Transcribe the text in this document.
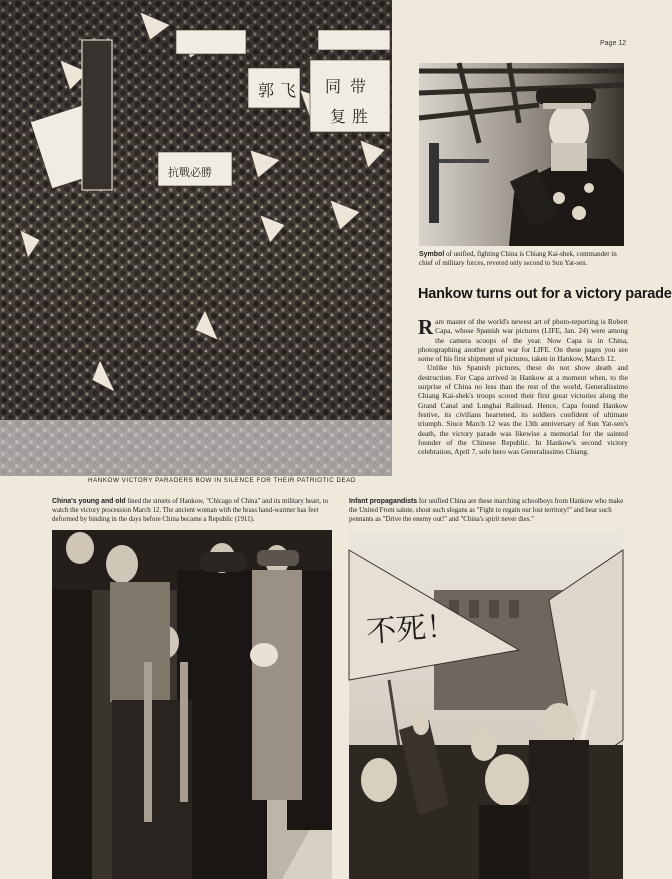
Page 12
郭 飞 同 带
复 胜
抗戰必勝
Symbol of unified, fighting China is Chiang Kai-shek, commander in chief of military forces, revered only second to Sun Yat-sen.
Hankow turns out for a victory parade

Rare master of the world's newest art of photo-reporting is Robert Capa, whose Spanish war pictures (LIFE, Jan. 24) were among the camera scoops of the year. Now Capa is in China, photographing another great war for LIFE. On these pages you see some of his first shipment of pictures, taken in Hankow, March 12.

Unlike his Spanish pictures, these do not show death and destruction. For Capa arrived in Hankow at a moment when, to the surprise of China no less than the rest of the world, Generalissimo Chiang Kai-shek's troops scored their first great victories along the Grand Canal and Lunghai Railroad. Hence, Capa found Hankow festive, its civilians heartened, its soldiers confident of ultimate triumph. Since March 12 was the 13th anniversary of Sun Yat-sen's death, the victory parade was likewise a memorial for the sainted founder of the Chinese Republic. In Hankow's second victory celebration, April 7, sole hero was Generalissimo Chiang.

HANKOW VICTORY PARADERS BOW IN SILENCE FOR THEIR PATRIOTIC DEAD
China's young and old lined the streets of Hankow, "Chicago of China" and its military heart, to watch the victory procession March 12. The ancient woman with the brass hand-warmer has feet deformed by binding in the days before China became a Republic (1911).
Infant propagandists for unified China are these marching schoolboys from Hankow who make the United Front salute, shout such slogans as "Fight to regain our lost territory!" and bear such pennants as "Drive the enemy out!" and "China's spirit never dies."
不死！
